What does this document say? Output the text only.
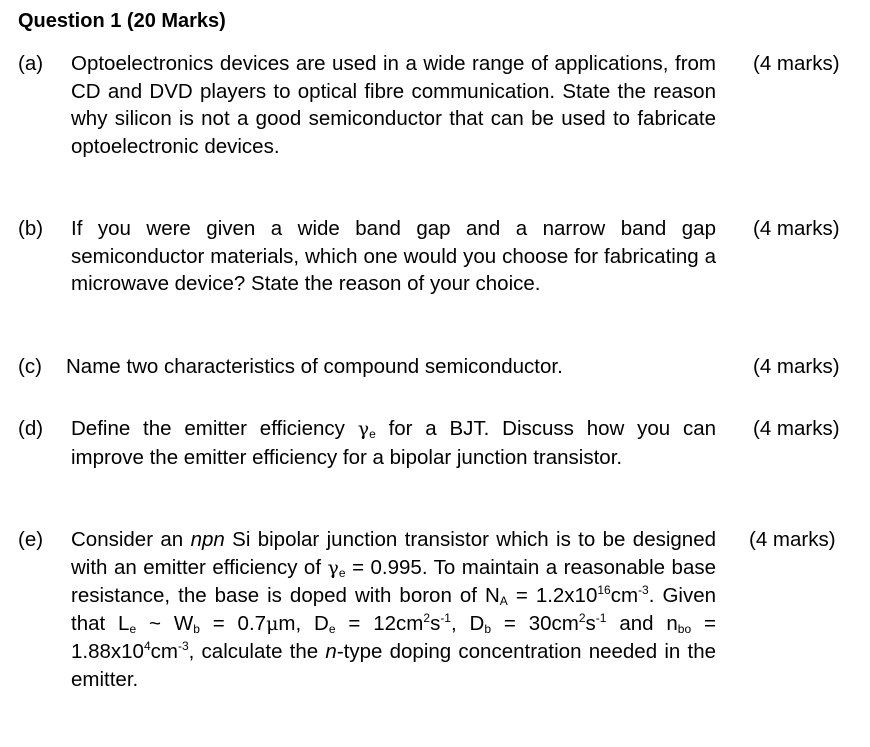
Question 1 (20 Marks)
(a) Optoelectronics devices are used in a wide range of applications, from CD and DVD players to optical fibre communication. State the reason why silicon is not a good semiconductor that can be used to fabricate optoelectronic devices.
(4 marks)
(b) If you were given a wide band gap and a narrow band gap semiconductor materials, which one would you choose for fabricating a microwave device? State the reason of your choice.
(4 marks)
(c) Name two characteristics of compound semiconductor.	(4 marks)
(d) Define the emitter efficiency $\gamma_e$ for a BJT. Discuss how you can improve the emitter efficiency for a bipolar junction transistor.
(4 marks)
(e) Consider an npn Si bipolar junction transistor which is to be designed with an emitter efficiency of $\gamma_e = 0.995$. To maintain a reasonable base resistance, the base is doped with boron of $N_A = 1.2x10^{16}cm^{-3}$. Given that $L_e$ ~ $W_b = 0.7\mu m$, $D_e = 12cm^2s^{-1}$, $D_b = 30cm^2s^{-1}$ and $n_{bo} = 1.88x10^4cm^{-3}$, calculate the n-type doping concentration needed in the emitter.
(4 marks)
